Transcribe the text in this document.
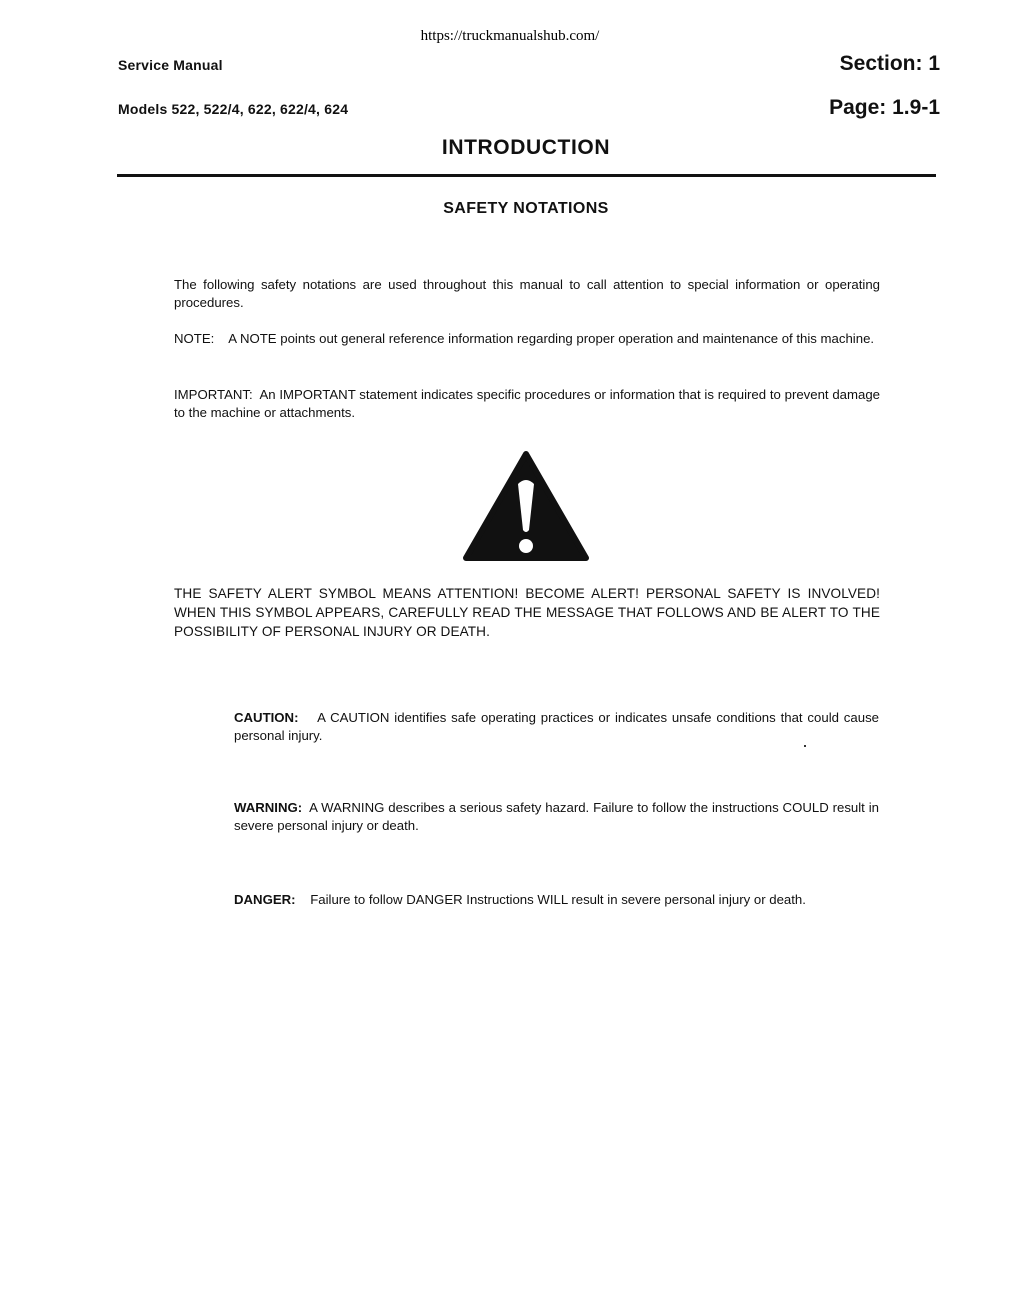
https://truckmanualshub.com/
Service Manual
Models 522, 522/4, 622, 622/4, 624
Section: 1
Page: 1.9-1
INTRODUCTION
SAFETY NOTATIONS
The following safety notations are used throughout this manual to call attention to special information or operating procedures.
NOTE: A NOTE points out general reference information regarding proper operation and maintenance of this machine.
IMPORTANT: An IMPORTANT statement indicates specific procedures or information that is required to prevent damage to the machine or attachments.
THE SAFETY ALERT SYMBOL MEANS ATTENTION! BECOME ALERT! PERSONAL SAFETY IS INVOLVED! WHEN THIS SYMBOL APPEARS, CAREFULLY READ THE MESSAGE THAT FOLLOWS AND BE ALERT TO THE POSSIBILITY OF PERSONAL INJURY OR DEATH.
CAUTION: A CAUTION identifies safe operating practices or indicates unsafe conditions that could cause personal injury.
WARNING: A WARNING describes a serious safety hazard. Failure to follow the instructions COULD result in severe personal injury or death.
DANGER: Failure to follow DANGER Instructions WILL result in severe personal injury or death.
